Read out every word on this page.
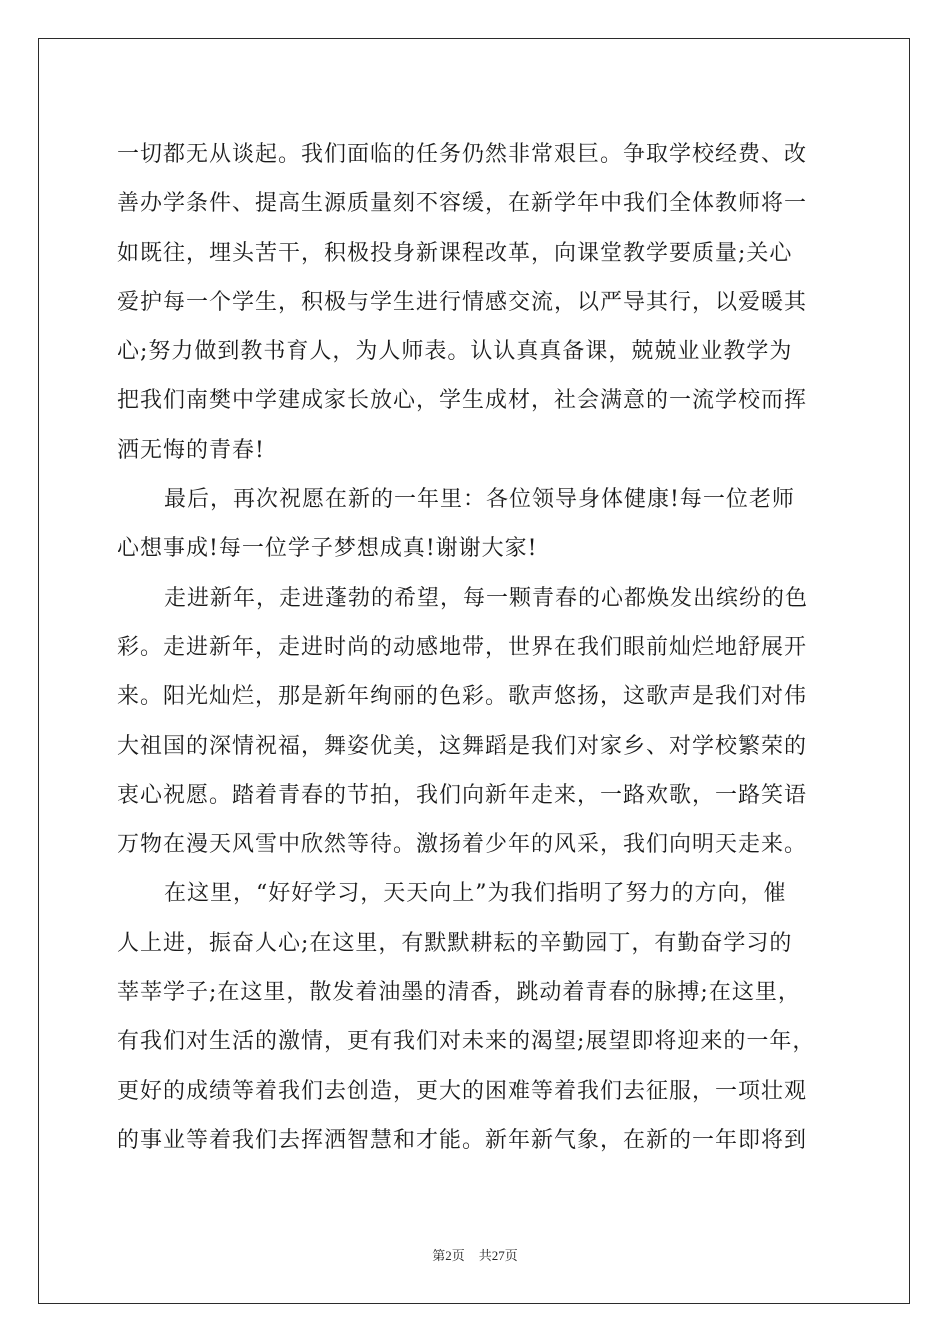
一切都无从谈起。我们面临的任务仍然非常艰巨。争取学校经费、改
善办学条件、提高生源质量刻不容缓，在新学年中我们全体教师将一
如既往，埋头苦干，积极投身新课程改革，向课堂教学要质量;关心
爱护每一个学生，积极与学生进行情感交流，以严导其行，以爱暖其
心;努力做到教书育人，为人师表。认认真真备课，兢兢业业教学为
把我们南樊中学建成家长放心，学生成材，社会满意的一流学校而挥
洒无悔的青春!
最后，再次祝愿在新的一年里：各位领导身体健康!每一位老师
心想事成!每一位学子梦想成真!谢谢大家!
走进新年，走进蓬勃的希望，每一颗青春的心都焕发出缤纷的色
彩。走进新年，走进时尚的动感地带，世界在我们眼前灿烂地舒展开
来。阳光灿烂，那是新年绚丽的色彩。歌声悠扬，这歌声是我们对伟
大祖国的深情祝福，舞姿优美，这舞蹈是我们对家乡、对学校繁荣的
衷心祝愿。踏着青春的节拍，我们向新年走来，一路欢歌，一路笑语
万物在漫天风雪中欣然等待。激扬着少年的风采，我们向明天走来。
在这里，“好好学习，天天向上”为我们指明了努力的方向，催
人上进，振奋人心;在这里，有默默耕耘的辛勤园丁，有勤奋学习的
莘莘学子;在这里，散发着油墨的清香，跳动着青春的脉搏;在这里，
有我们对生活的激情，更有我们对未来的渴望;展望即将迎来的一年，
更好的成绩等着我们去创造，更大的困难等着我们去征服，一项壮观
的事业等着我们去挥洒智慧和才能。新年新气象，在新的一年即将到
第2页 共27页
